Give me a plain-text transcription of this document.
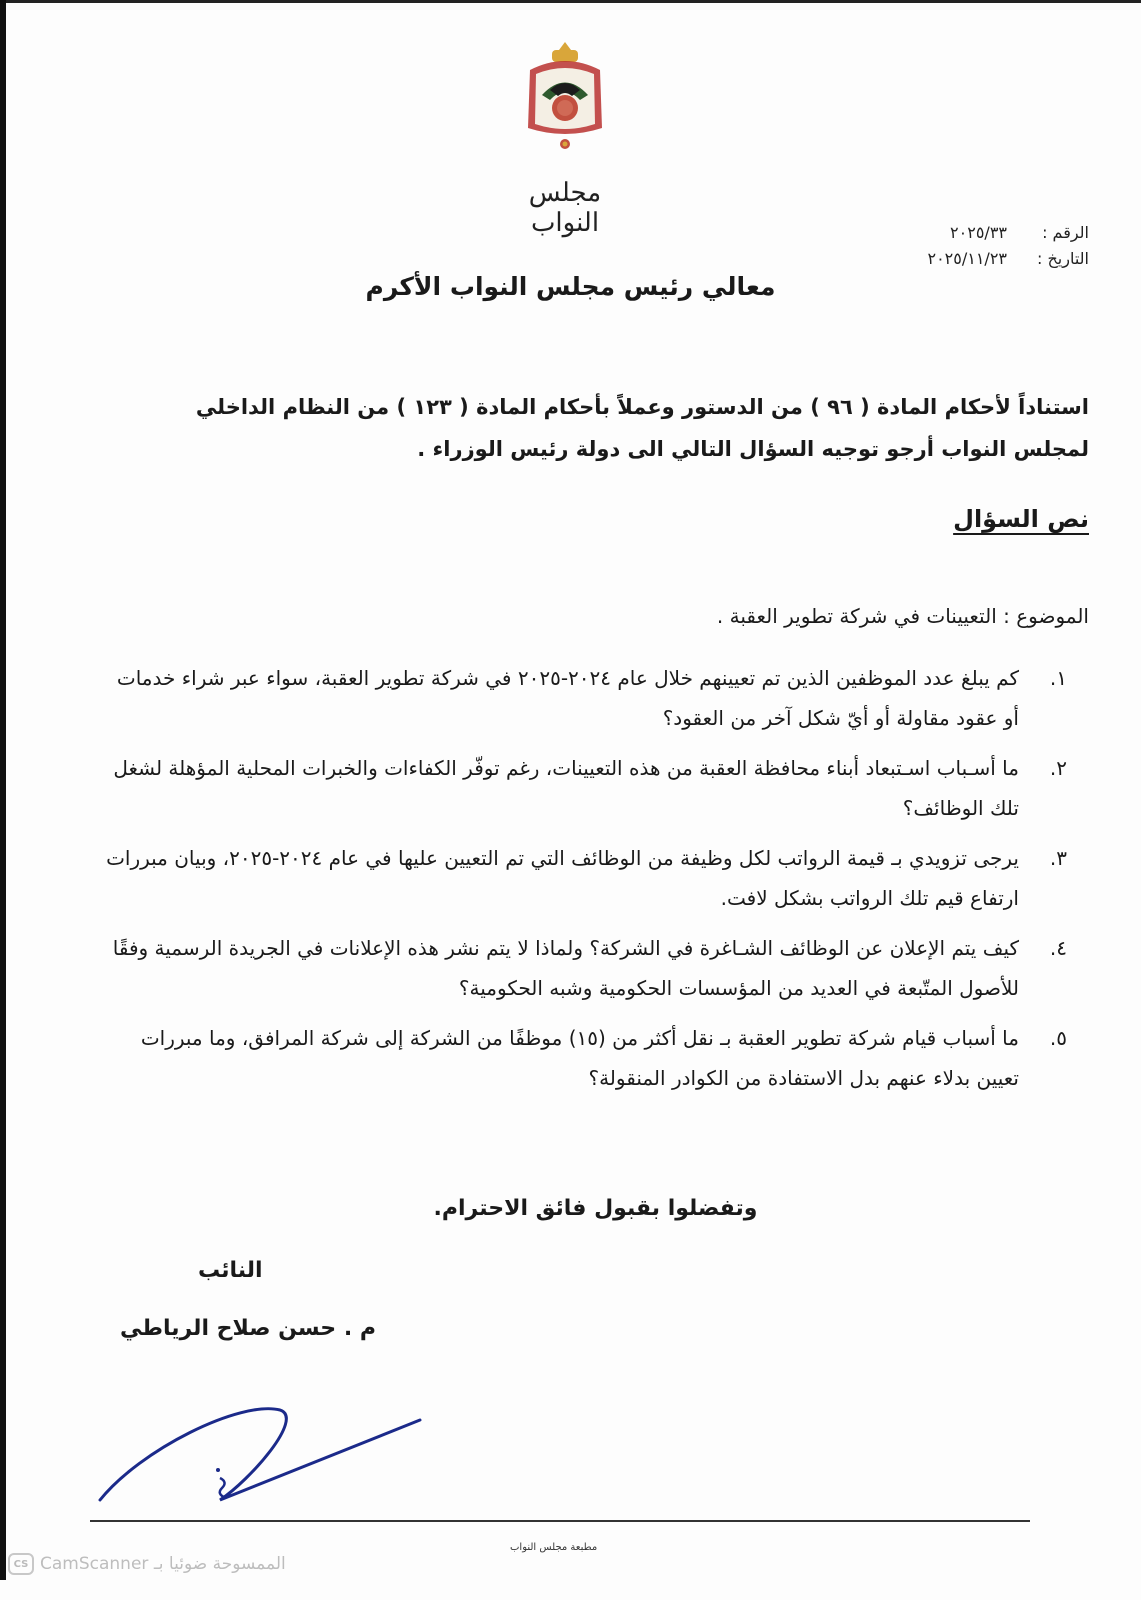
مجلس النواب	الرقم :
٢٠٢٥/٣٣
التاريخ :
٢٠٢٥/١١/٢٣
معالي رئيس مجلس النواب الأكرم
استناداً لأحكام المادة ( ٩٦ ) من الدستور وعملاً بأحكام المادة ( ١٢٣ ) من النظام الداخلي
لمجلس النواب أرجو توجيه السؤال التالي الى دولة رئيس الوزراء .
نص السؤال
الموضوع : التعيينات في شركة تطوير العقبة .
١.
كم يبلغ عدد الموظفين الذين تم تعيينهم خلال عام ٢٠٢٤-٢٠٢٥ في شركة تطوير العقبة، سواء عبر شراء خدمات أو عقود مقاولة أو أيّ شكل آخر من العقود؟
٢.
ما أسـباب اسـتبعاد أبناء محافظة العقبة من هذه التعيينات، رغم توفّر الكفاءات والخبرات المحلية المؤهلة لشغل تلك الوظائف؟
٣.
يرجى تزويدي بـ قيمة الرواتب لكل وظيفة من الوظائف التي تم التعيين عليها في عام ٢٠٢٤-٢٠٢٥، وبيان مبررات ارتفاع قيم تلك الرواتب بشكل لافت.
٤.
كيف يتم الإعلان عن الوظائف الشـاغرة في الشركة؟ ولماذا لا يتم نشر هذه الإعلانات في الجريدة الرسمية وفقًا للأصول المتّبعة في العديد من المؤسسات الحكومية وشبه الحكومية؟
٥.
ما أسباب قيام شركة تطوير العقبة بـ نقل أكثر من (١٥) موظفًا من الشركة إلى شركة المرافق، وما مبررات تعيين بدلاء عنهم بدل الاستفادة من الكوادر المنقولة؟
وتفضلوا بقبول فائق الاحترام.
النائب
م . حسن صلاح الرياطي
مطبعة مجلس النواب
CS CamScanner الممسوحة ضوئيا بـ
